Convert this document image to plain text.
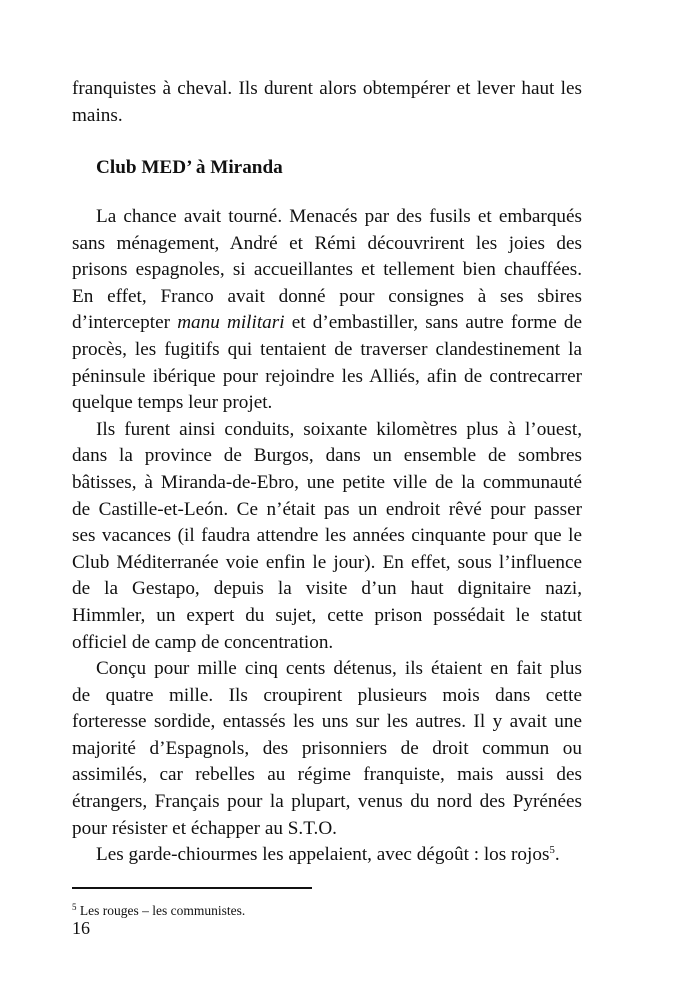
franquistes à cheval. Ils durent alors obtempérer et lever haut les
mains.
Club MED’ à Miranda
La chance avait tourné. Menacés par des fusils et embarqués
sans ménagement, André et Rémi découvrirent les joies des
prisons espagnoles, si accueillantes et tellement bien chauffées.
En effet, Franco avait donné pour consignes à ses sbires
d’intercepter manu militari et d’embastiller, sans autre forme de
procès, les fugitifs qui tentaient de traverser clandestinement la
péninsule ibérique pour rejoindre les Alliés, afin de contrecarrer
quelque temps leur projet.
Ils furent ainsi conduits, soixante kilomètres plus à l’ouest,
dans la province de Burgos, dans un ensemble de sombres
bâtisses, à Miranda-de-Ebro, une petite ville de la communauté
de Castille-et-León. Ce n’était pas un endroit rêvé pour passer
ses vacances (il faudra attendre les années cinquante pour que le
Club Méditerranée voie enfin le jour). En effet, sous l’influence
de la Gestapo, depuis la visite d’un haut dignitaire nazi,
Himmler, un expert du sujet, cette prison possédait le statut
officiel de camp de concentration.
Conçu pour mille cinq cents détenus, ils étaient en fait plus
de quatre mille. Ils croupirent plusieurs mois dans cette
forteresse sordide, entassés les uns sur les autres. Il y avait une
majorité d’Espagnols, des prisonniers de droit commun ou
assimilés, car rebelles au régime franquiste, mais aussi des
étrangers, Français pour la plupart, venus du nord des Pyrénées
pour résister et échapper au S.T.O.
Les garde-chiourmes les appelaient, avec dégoût : los rojos$^5$.
$^5$ Les rouges – les communistes.
16
